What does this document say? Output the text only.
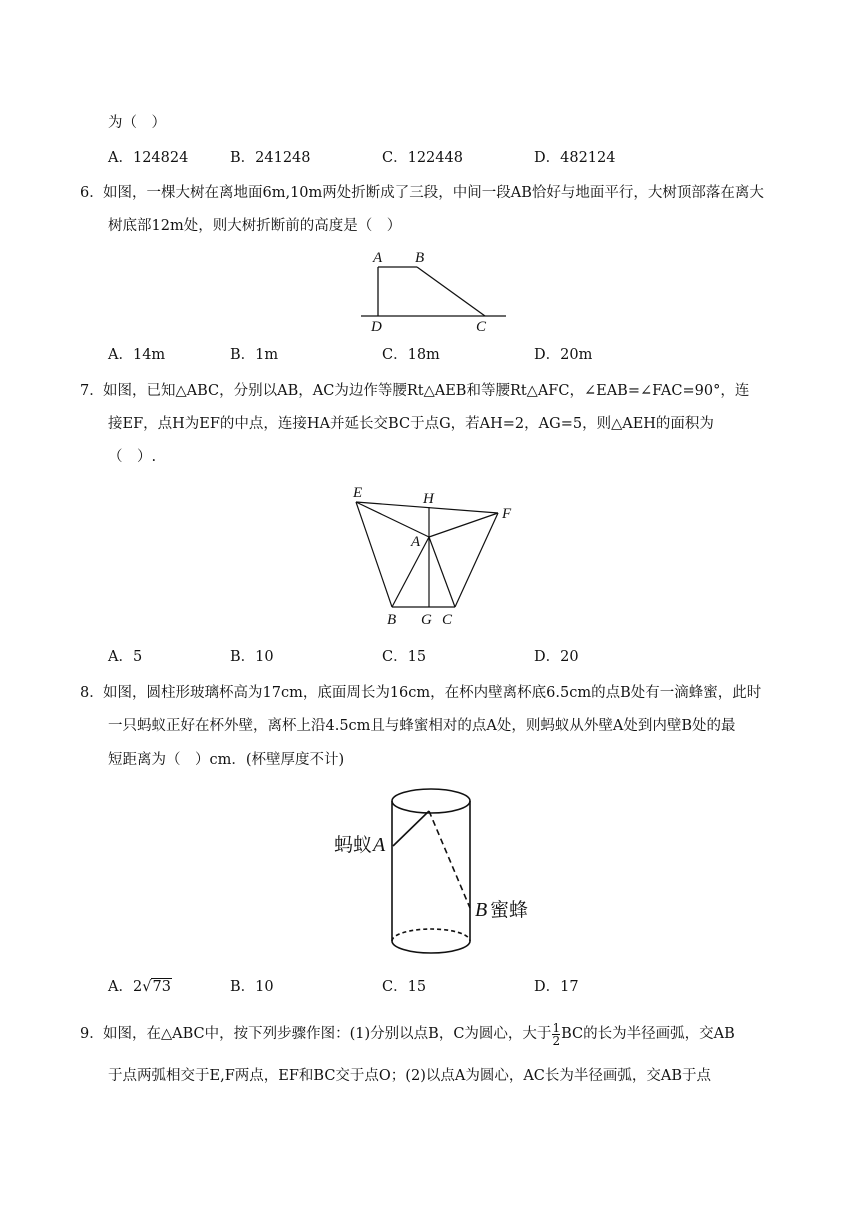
为（　）
A．124824	B．241248	C．122448	D．482124
6． 如图，一棵大树在离地面6m,10m两处折断成了三段，中间一段AB恰好与地面平行，大树顶部落在离大
树底部12m处，则大树折断前的高度是（　）
A B
D	C
A．14m	B．1m	C．18m	D．20m
7． 如图，已知△ABC，分别以AB，AC为边作等腰Rt△AEB和等腰Rt△AFC，∠EAB=∠FAC=90°，连
接EF，点H为EF的中点，连接HA并延长交BC于点G，若AH=2，AG=5，则△AEH的面积为
（　）.
E	H
F
A
B G C
A．5	B．10	C．15	D．20
8． 如图，圆柱形玻璃杯高为17cm，底面周长为16cm，在杯内壁离杯底6.5cm的点B处有一滴蜂蜜，此时
一只蚂蚁正好在杯外壁，离杯上沿4.5cm且与蜂蜜相对的点A处，则蚂蚁从外壁A处到内壁B处的最
短距离为（　）cm．(杯壁厚度不计)
蚂蚁 A
B 蜜蜂
A．2√73	B．10	C．15	D．17
9． 如图，在△ABC中，按下列步骤作图：(1)分别以点B，C为圆心，大于 $\frac{1}{2}$ BC的长为半径画弧，交AB
于点两弧相交于E,F两点，EF和BC交于点O；(2)以点A为圆心，AC长为半径画弧，交AB于点
